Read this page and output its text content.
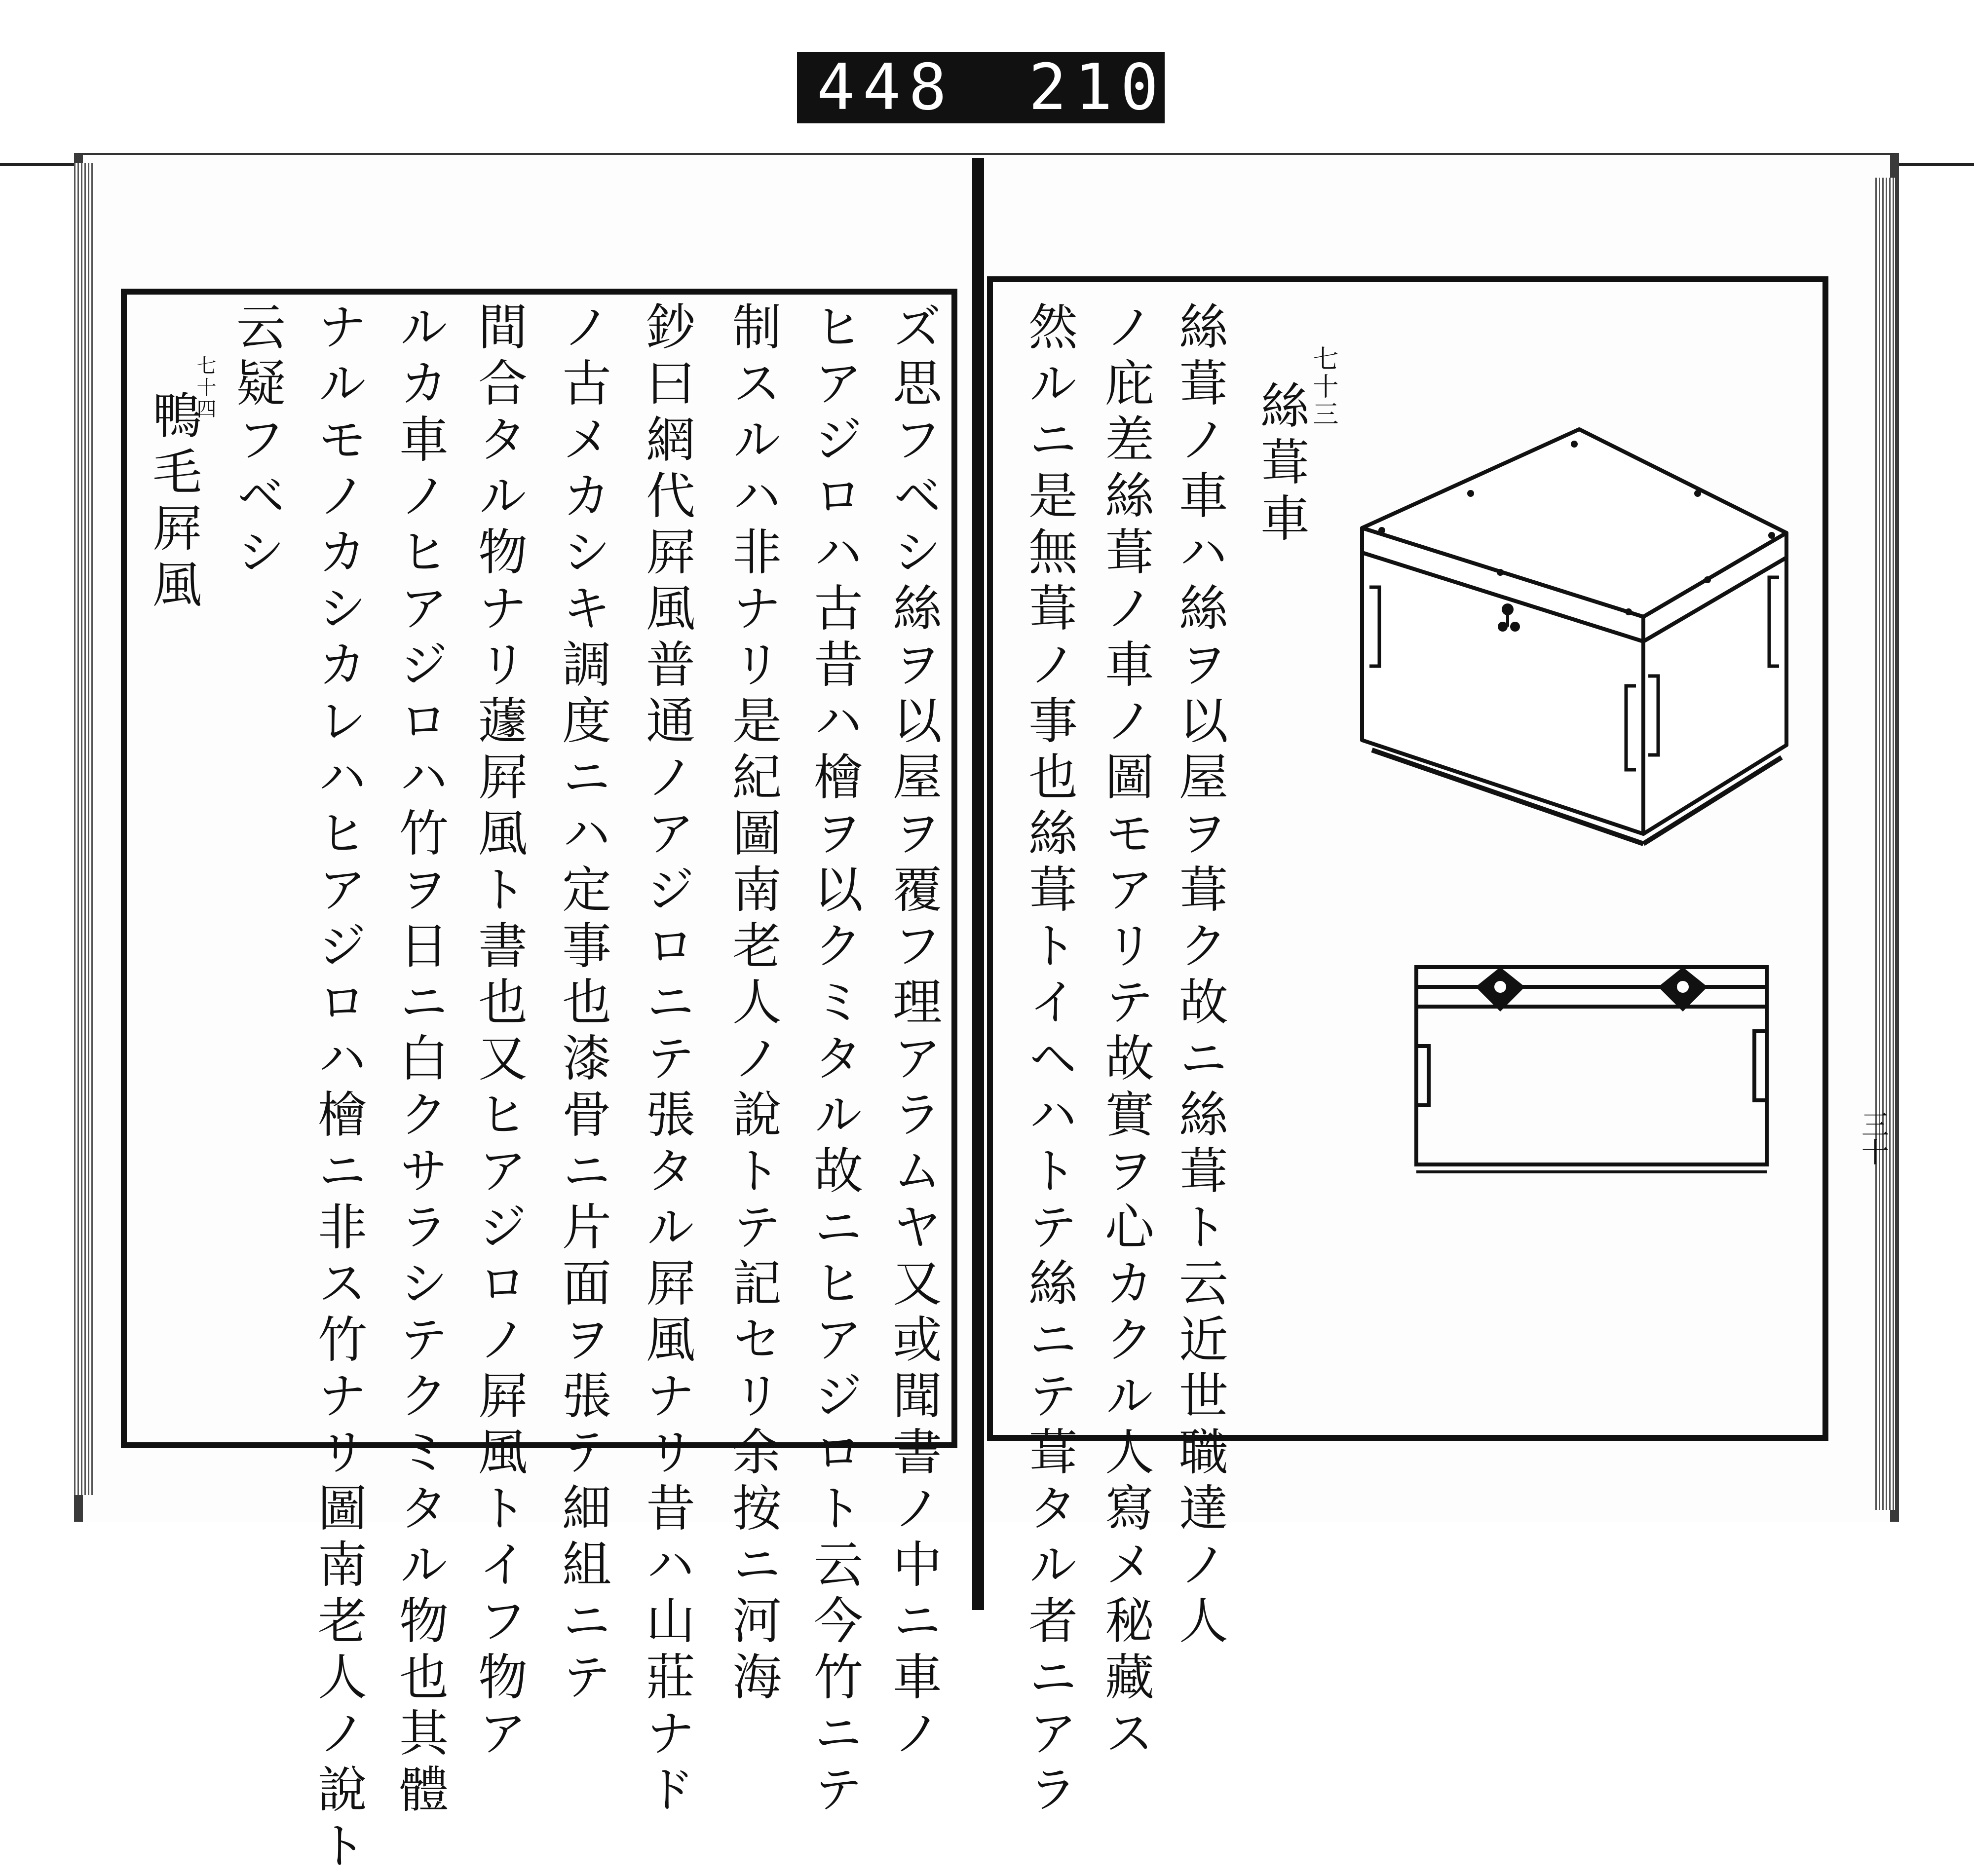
448 210.
七十三
絲葺車
絲葺ノ車ハ絲ヲ以屋ヲ葺ク故ニ絲葺ト云近世職達ノ人
ノ庇差絲葺ノ車ノ圖モアリテ故實ヲ心カクル人寫メ秘藏ス
然ルニ是無葺ノ事也絲葺トイヘハトテ絲ニテ葺タル者ニアラ	三十
ズ思フベシ絲ヲ以屋ヲ覆フ理アラムヤ又或聞書ノ中ニ車ノ
ヒアジロハ古昔ハ檜ヲ以クミタル故ニヒアジロト云今竹ニテ
制スルハ非ナリ是紀圖南老人ノ說トテ記セリ余按ニ河海
鈔曰網代屛風普通ノアジロニテ張タル屛風ナリ昔ハ山莊ナド
ノ古メカシキ調度ニハ定事也漆骨ニ片面ヲ張テ細組ニテ
間合タル物ナリ蘧屛風ト書也又ヒアジロノ屛風トイフ物ア
ルカ車ノヒアジロハ竹ヲ日ニ白クサラシテクミタル物也其體
ナルモノカシカレハヒアジロハ檜ニ非ス竹ナリ圖南老人ノ說ト
云疑フベシ
七十四
鴨毛屛風
